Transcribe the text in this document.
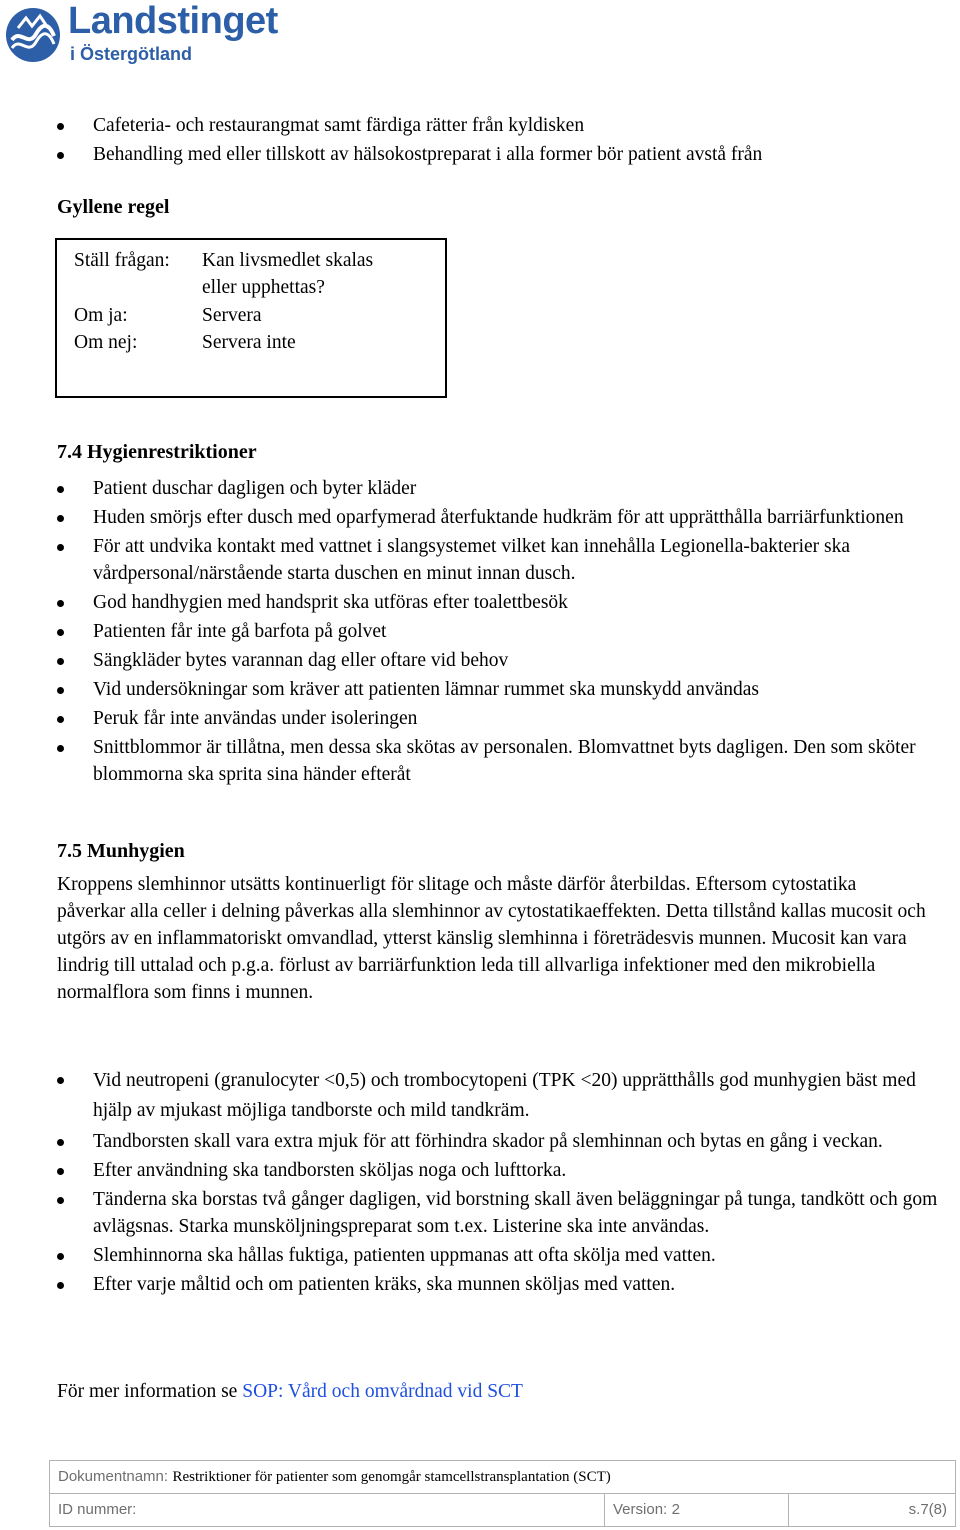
Landstinget
i Östergötland
Cafeteria- och restaurangmat samt färdiga rätter från kyldisken
Behandling med eller tillskott av hälsokostpreparat i alla former bör patient avstå från

Gyllene regel

Ställ frågan: Kan livsmedlet skalas
eller upphettas?
Om ja:	Servera
Om nej:	Servera inte

7.4 Hygienrestriktioner

Patient duschar dagligen och byter kläder
Huden smörjs efter dusch med oparfymerad återfuktande hudkräm för att upprätthålla barriärfunktionen
För att undvika kontakt med vattnet i slangsystemet vilket kan innehålla Legionella-bakterier ska vårdpersonal/närstående starta duschen en minut innan dusch.
God handhygien med handsprit ska utföras efter toalettbesök
Patienten får inte gå barfota på golvet
Sängkläder bytes varannan dag eller oftare vid behov
Vid undersökningar som kräver att patienten lämnar rummet ska munskydd användas
Peruk får inte användas under isoleringen
Snittblommor är tillåtna, men dessa ska skötas av personalen. Blomvattnet byts dagligen. Den som sköter blommorna ska sprita sina händer efteråt

7.5 Munhygien

Kroppens slemhinnor utsätts kontinuerligt för slitage och måste därför återbildas. Eftersom cytostatika påverkar alla celler i delning påverkas alla slemhinnor av cytostatikaeffekten. Detta tillstånd kallas mucosit och utgörs av en inflammatoriskt omvandlad, ytterst känslig slemhinna i företrädesvis munnen. Mucosit kan vara lindrig till uttalad och p.g.a. förlust av barriärfunktion leda till allvarliga infektioner med den mikrobiella normalflora som finns i munnen.

Vid neutropeni (granulocyter <0,5) och trombocytopeni (TPK <20) upprätthålls god munhygien bäst med hjälp av mjukast möjliga tandborste och mild tandkräm.
Tandborsten skall vara extra mjuk för att förhindra skador på slemhinnan och bytas en gång i veckan.
Efter användning ska tandborsten sköljas noga och lufttorka.
Tänderna ska borstas två gånger dagligen, vid borstning skall även beläggningar på tunga, tandkött och gom avlägsnas. Starka munsköljningspreparat som t.ex. Listerine ska inte användas.
Slemhinnorna ska hållas fuktiga, patienten uppmanas att ofta skölja med vatten.
Efter varje måltid och om patienten kräks, ska munnen sköljas med vatten.

För mer information se SOP: Vård och omvårdnad vid SCT

Dokumentnamn: Restriktioner för patienter som genomgår stamcellstransplantation (SCT)
ID nummer:	Version: 2	s.7(8)
